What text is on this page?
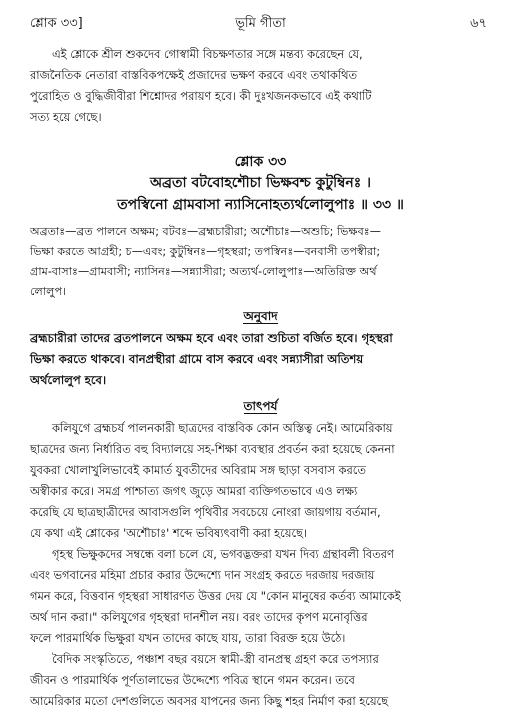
শ্লোক ৩৩]	ভূমি গীতা	৬৭
এই শ্লোকে শ্রীল শুকদেব গোস্বামী বিচক্ষণতার সঙ্গে মন্তব্য করেছেন যে,
রাজনৈতিক নেতারা বাস্তবিকপক্ষেই প্রজাদের ভক্ষণ করবে এবং তথাকথিত
পুরোহিত ও বুদ্ধিজীবীরা শিশ্নোদর পরায়ণ হবে। কী দুঃখজনকভাবে এই কথাটি
সত্য হয়ে গেছে।
শ্লোক ৩৩
অব্রতা বটবোহশৌচা ভিক্ষবশ্চ কুটুম্বিনঃ ।
তপস্বিনো গ্রামবাসা ন্যাসিনোহত্যর্থলোলুপাঃ ॥ ৩৩ ॥
অব্রতাঃ—ব্রত পালনে অক্ষম; বটবঃ—ব্রহ্মচারীরা; অশৌচাঃ—অশুচি; ভিক্ষবঃ—
ভিক্ষা করতে আগ্রহী; চ—এবং; কুটুম্বিনঃ—গৃহস্থরা; তপস্বিনঃ—বনবাসী তপস্বীরা;
গ্রাম-বাসাঃ—গ্রামবাসী; ন্যাসিনঃ—সন্ন্যাসীরা; অত্যর্থ-লোলুপাঃ—অতিরিক্ত অর্থ
লোলুপ।
অনুবাদ
ব্রহ্মচারীরা তাদের ব্রতপালনে অক্ষম হবে এবং তারা শুচিতা বর্জিত হবে। গৃহস্থরা
ভিক্ষা করতে থাকবে। বানপ্রস্থীরা গ্রামে বাস করবে এবং সন্ন্যাসীরা অতিশয়
অর্থলোলুপ হবে।
তাৎপর্য
কলিযুগে ব্রহ্মচর্য পালনকারী ছাত্রদের বাস্তবিক কোন অস্তিত্ব নেই। আমেরিকায়
ছাত্রদের জন্য নির্ধারিত বহু বিদ্যালয়ে সহ-শিক্ষা ব্যবস্থার প্রবর্তন করা হয়েছে কেননা
যুবকরা খোলাখুলিভাবেই কামার্ত যুবতীদের অবিরাম সঙ্গ ছাড়া বসবাস করতে
অস্বীকার করে। সমগ্র পাশ্চাত্য জগৎ জুড়ে আমরা ব্যক্তিগতভাবে এও লক্ষ্য
করেছি যে ছাত্রছাত্রীদের আবাসগুলি পৃথিবীর সবচেয়ে নোংরা জায়গায় বর্তমান,
যে কথা এই শ্লোকের 'অশৌচাঃ' শব্দে ভবিষ্যৎবাণী করা হয়েছে।
গৃহস্থ ভিক্ষুকদের সম্বন্ধে বলা চলে যে, ভগবদ্ভক্তরা যখন দিব্য গ্রন্থাবলী বিতরণ
এবং ভগবানের মহিমা প্রচার করার উদ্দেশ্যে দান সংগ্রহ করতে দরজায় দরজায়
গমন করে, বিত্তবান গৃহস্থরা সাধারণত উত্তর দেয় যে "কোন মানুষের কর্তব্য আমাকেই
অর্থ দান করা।" কলিযুগের গৃহস্থরা দানশীল নয়। বরং তাদের কৃপণ মনোবৃত্তির
ফলে পারমার্থিক ভিক্ষুরা যখন তাদের কাছে যায়, তারা বিরক্ত হয়ে উঠে।
বৈদিক সংস্কৃতিতে, পঞ্চাশ বছর বয়সে স্বামী-স্ত্রী বানপ্রস্থ গ্রহণ করে তপস্যার
জীবন ও পারমার্থিক পূর্ণতালাভের উদ্দেশ্যে পবিত্র স্থানে গমন করেন। তবে
আমেরিকার মতো দেশগুলিতে অবসর যাপনের জন্য কিছু শহর নির্মাণ করা হয়েছে
